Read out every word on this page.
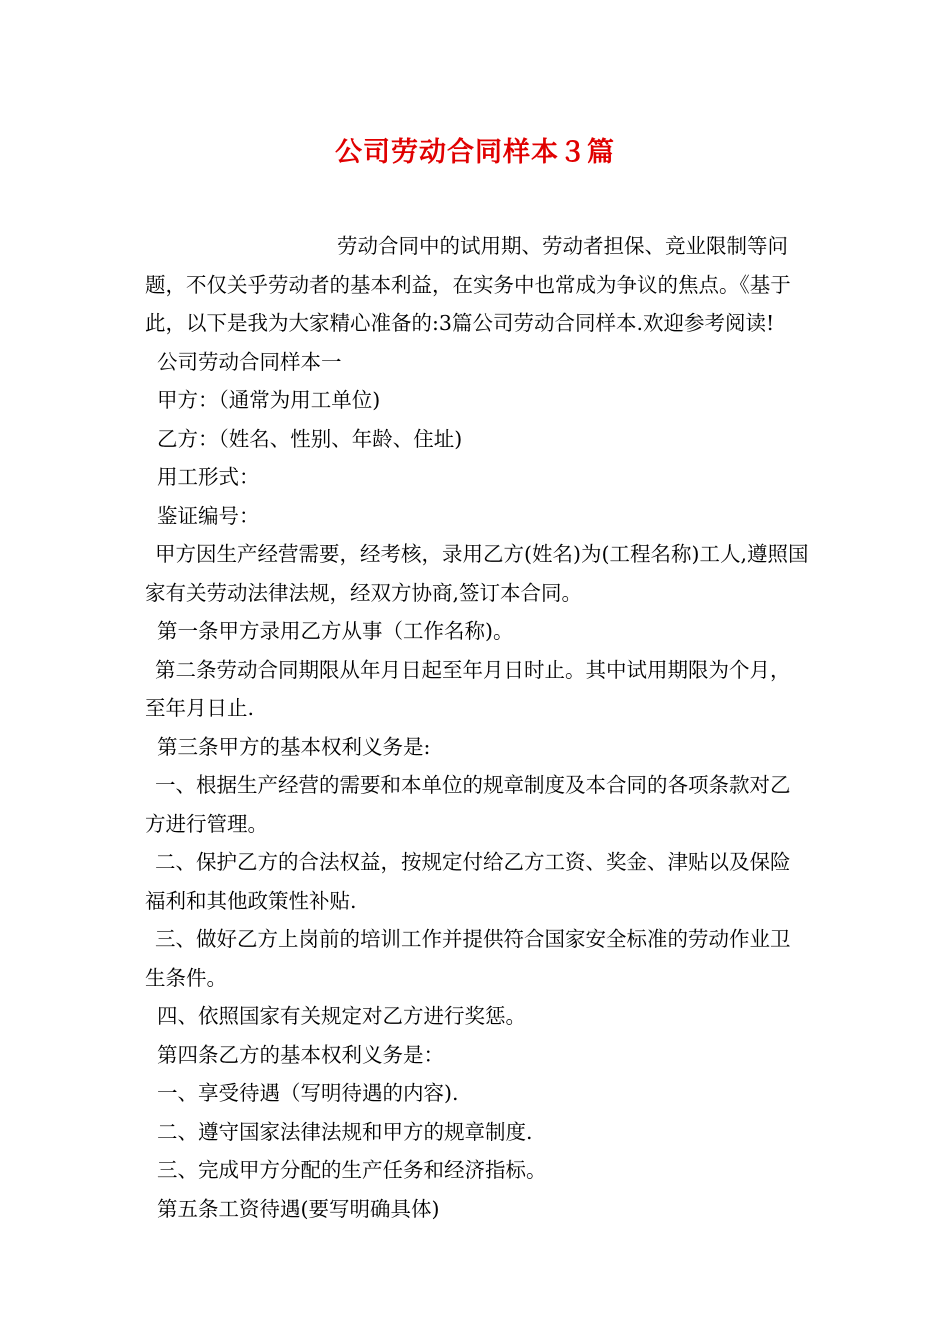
公司劳动合同样本３篇

劳动合同中的试用期、劳动者担保、竞业限制等问题，不仅关乎劳动者的基本利益，在实务中也常成为争议的焦点。《基于此，以下是我为大家精心准备的:3篇公司劳动合同样本.欢迎参考阅读!

公司劳动合同样本一

甲方：（通常为用工单位)

乙方：（姓名、性别、年龄、住址)

用工形式：

鉴证编号：

甲方因生产经营需要，经考核，录用乙方(姓名)为(工程名称)工人,遵照国家有关劳动法律法规，经双方协商,签订本合同。

第一条甲方录用乙方从事（工作名称)。

第二条劳动合同期限从年月日起至年月日时止。其中试用期限为个月，至年月日止.

第三条甲方的基本权利义务是:

一、根据生产经营的需要和本单位的规章制度及本合同的各项条款对乙方进行管理。

二、保护乙方的合法权益，按规定付给乙方工资、奖金、津贴以及保险福利和其他政策性补贴.

三、做好乙方上岗前的培训工作并提供符合国家安全标准的劳动作业卫生条件。

四、依照国家有关规定对乙方进行奖惩。

第四条乙方的基本权利义务是：

一、享受待遇（写明待遇的内容).

二、遵守国家法律法规和甲方的规章制度.

三、完成甲方分配的生产任务和经济指标。

第五条工资待遇(要写明确具体)
